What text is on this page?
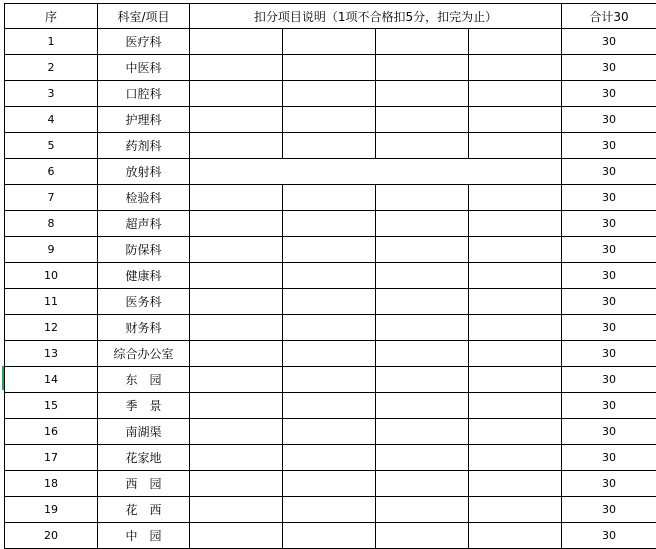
序	科室/项目	扣分项目说明（1项不合格扣5分，扣完为止）				合计30
1	医疗科					30
2	中医科					30
3	口腔科					30
4	护理科					30
5	药剂科					30
6	放射科					30
7	检验科					30
8	超声科					30
9	防保科					30
10	健康科					30
11	医务科					30
12	财务科					30
13	综合办公室					30
14	东　园					30
15	季　景					30
16	南湖渠					30
17	花家地					30
18	西　园					30
19	花　西					30
20	中　园					30
